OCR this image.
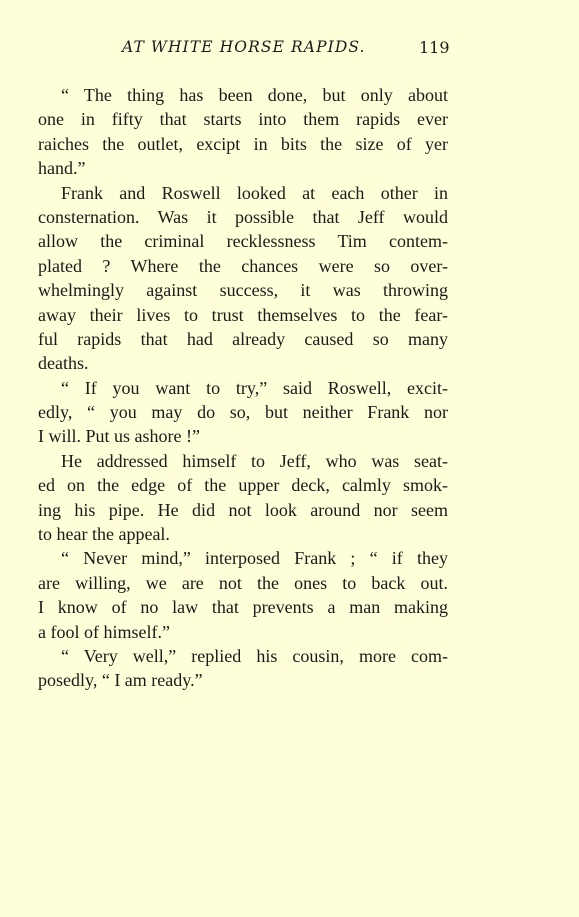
AT WHITE HORSE RAPIDS.	119
“ The thing has been done, but only about
one in fifty that starts into them rapids ever
raiches the outlet, excipt in bits the size of yer
hand.”
Frank and Roswell looked at each other in
consternation. Was it possible that Jeff would
allow the criminal recklessness Tim contem-
plated ? Where the chances were so over-
whelmingly against success, it was throwing
away their lives to trust themselves to the fear-
ful rapids that had already caused so many
deaths.
“ If you want to try,” said Roswell, excit-
edly, “ you may do so, but neither Frank nor
I will. Put us ashore !”
He addressed himself to Jeff, who was seat-
ed on the edge of the upper deck, calmly smok-
ing his pipe. He did not look around nor seem
to hear the appeal.
“ Never mind,” interposed Frank ; “ if they
are willing, we are not the ones to back out.
I know of no law that prevents a man making
a fool of himself.”
“ Very well,” replied his cousin, more com-
posedly, “ I am ready.”
